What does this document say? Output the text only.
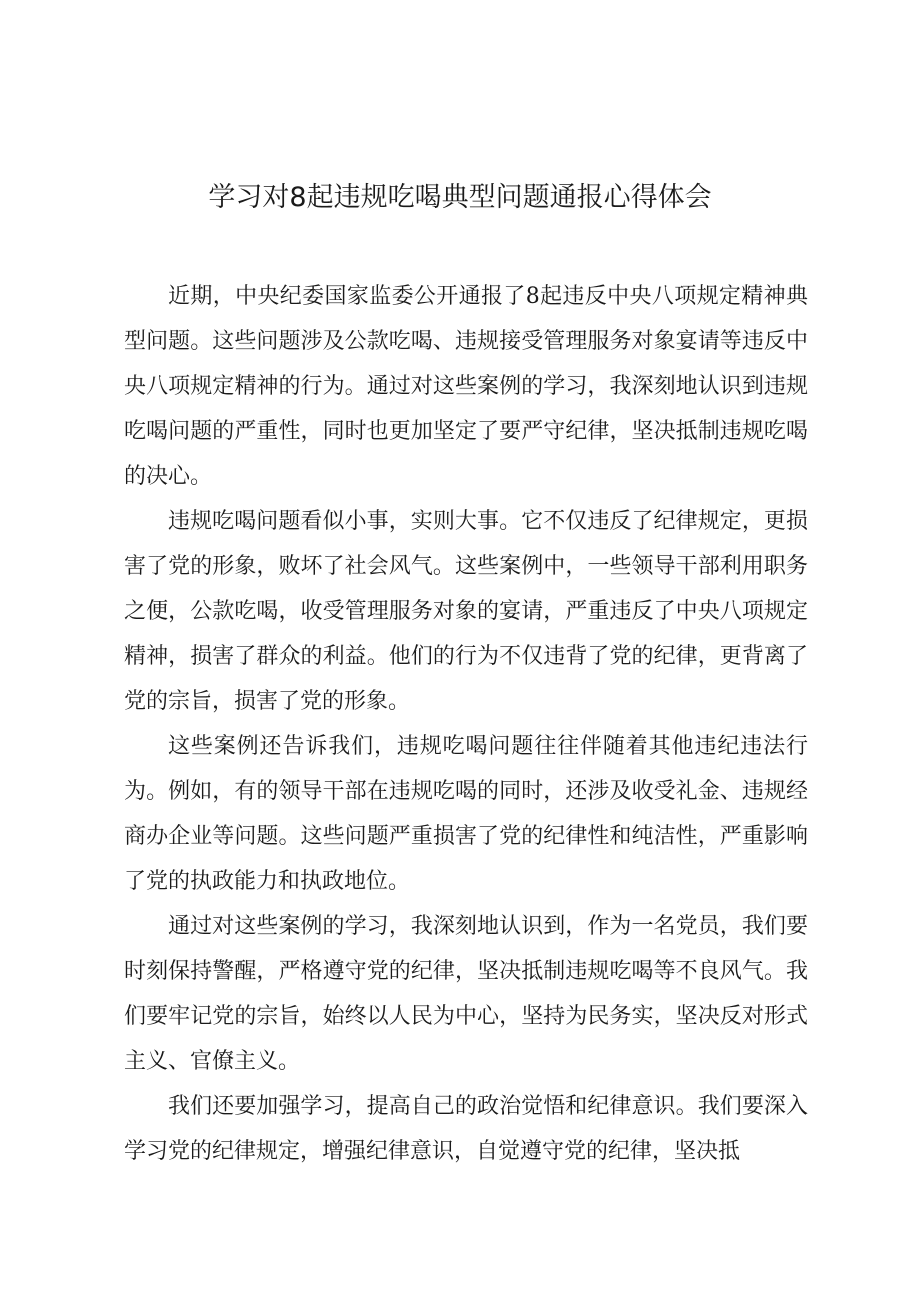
学习对8起违规吃喝典型问题通报心得体会

近期，中央纪委国家监委公开通报了8起违反中央八项规定精神典型问题。这些问题涉及公款吃喝、违规接受管理服务对象宴请等违反中央八项规定精神的行为。通过对这些案例的学习，我深刻地认识到违规吃喝问题的严重性，同时也更加坚定了要严守纪律，坚决抵制违规吃喝的决心。

违规吃喝问题看似小事，实则大事。它不仅违反了纪律规定，更损害了党的形象，败坏了社会风气。这些案例中，一些领导干部利用职务之便，公款吃喝，收受管理服务对象的宴请，严重违反了中央八项规定精神，损害了群众的利益。他们的行为不仅违背了党的纪律，更背离了党的宗旨，损害了党的形象。

这些案例还告诉我们，违规吃喝问题往往伴随着其他违纪违法行为。例如，有的领导干部在违规吃喝的同时，还涉及收受礼金、违规经商办企业等问题。这些问题严重损害了党的纪律性和纯洁性，严重影响了党的执政能力和执政地位。

通过对这些案例的学习，我深刻地认识到，作为一名党员，我们要时刻保持警醒，严格遵守党的纪律，坚决抵制违规吃喝等不良风气。我们要牢记党的宗旨，始终以人民为中心，坚持为民务实，坚决反对形式主义、官僚主义。

我们还要加强学习，提高自己的政治觉悟和纪律意识。我们要深入学习党的纪律规定，增强纪律意识，自觉遵守党的纪律，坚决抵
